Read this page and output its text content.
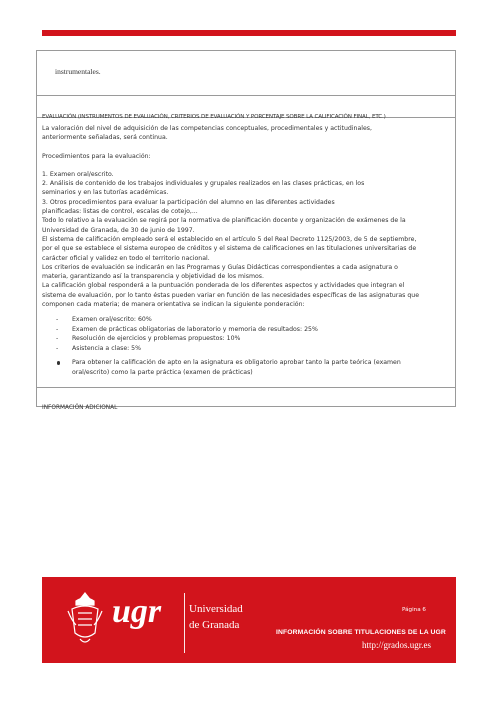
instrumentales.
EVALUACIÓN (INSTRUMENTOS DE EVALUACIÓN, CRITERIOS DE EVALUACIÓN Y PORCENTAJE SOBRE LA CALIFICACIÓN FINAL, ETC.)
La valoración del nivel de adquisición de las competencias conceptuales, procedimentales y actitudinales,
anteriormente señaladas, será continua.
Procedimientos para la evaluación:
1. Examen oral/escrito.
2. Análisis de contenido de los trabajos individuales y grupales realizados en las clases prácticas, en los
seminarios y en las tutorías académicas.
3. Otros procedimientos para evaluar la participación del alumno en las diferentes actividades
planificadas: listas de control, escalas de cotejo,...
Todo lo relativo a la evaluación se regirá por la normativa de planificación docente y organización de exámenes de la
Universidad de Granada, de 30 de junio de 1997.
El sistema de calificación empleado será el establecido en el artículo 5 del Real Decreto 1125/2003, de 5 de septiembre,
por el que se establece el sistema europeo de créditos y el sistema de calificaciones en las titulaciones universitarias de
carácter oficial y validez en todo el territorio nacional.
Los criterios de evaluación se indicarán en las Programas y Guías Didácticas correspondientes a cada asignatura o
materia, garantizando así la transparencia y objetividad de los mismos.
La calificación global responderá a la puntuación ponderada de los diferentes aspectos y actividades que integran el
sistema de evaluación, por lo tanto éstas pueden variar en función de las necesidades específicas de las asignaturas que
componen cada materia; de manera orientativa se indican la siguiente ponderación:
- Examen oral/escrito: 60%
- Examen de prácticas obligatorias de laboratorio y memoria de resultados: 25%
- Resolución de ejercicios y problemas propuestos: 10%
- Asistencia a clase: 5%
Para obtener la calificación de apto en la asignatura es obligatorio aprobar tanto la parte teórica (examen
oral/escrito) como la parte práctica (examen de prácticas)
INFORMACIÓN ADICIONAL
ugr	Universidad
de Granada
Página 6
INFORMACIÓN SOBRE TITULACIONES DE LA UGR
http://grados.ugr.es
